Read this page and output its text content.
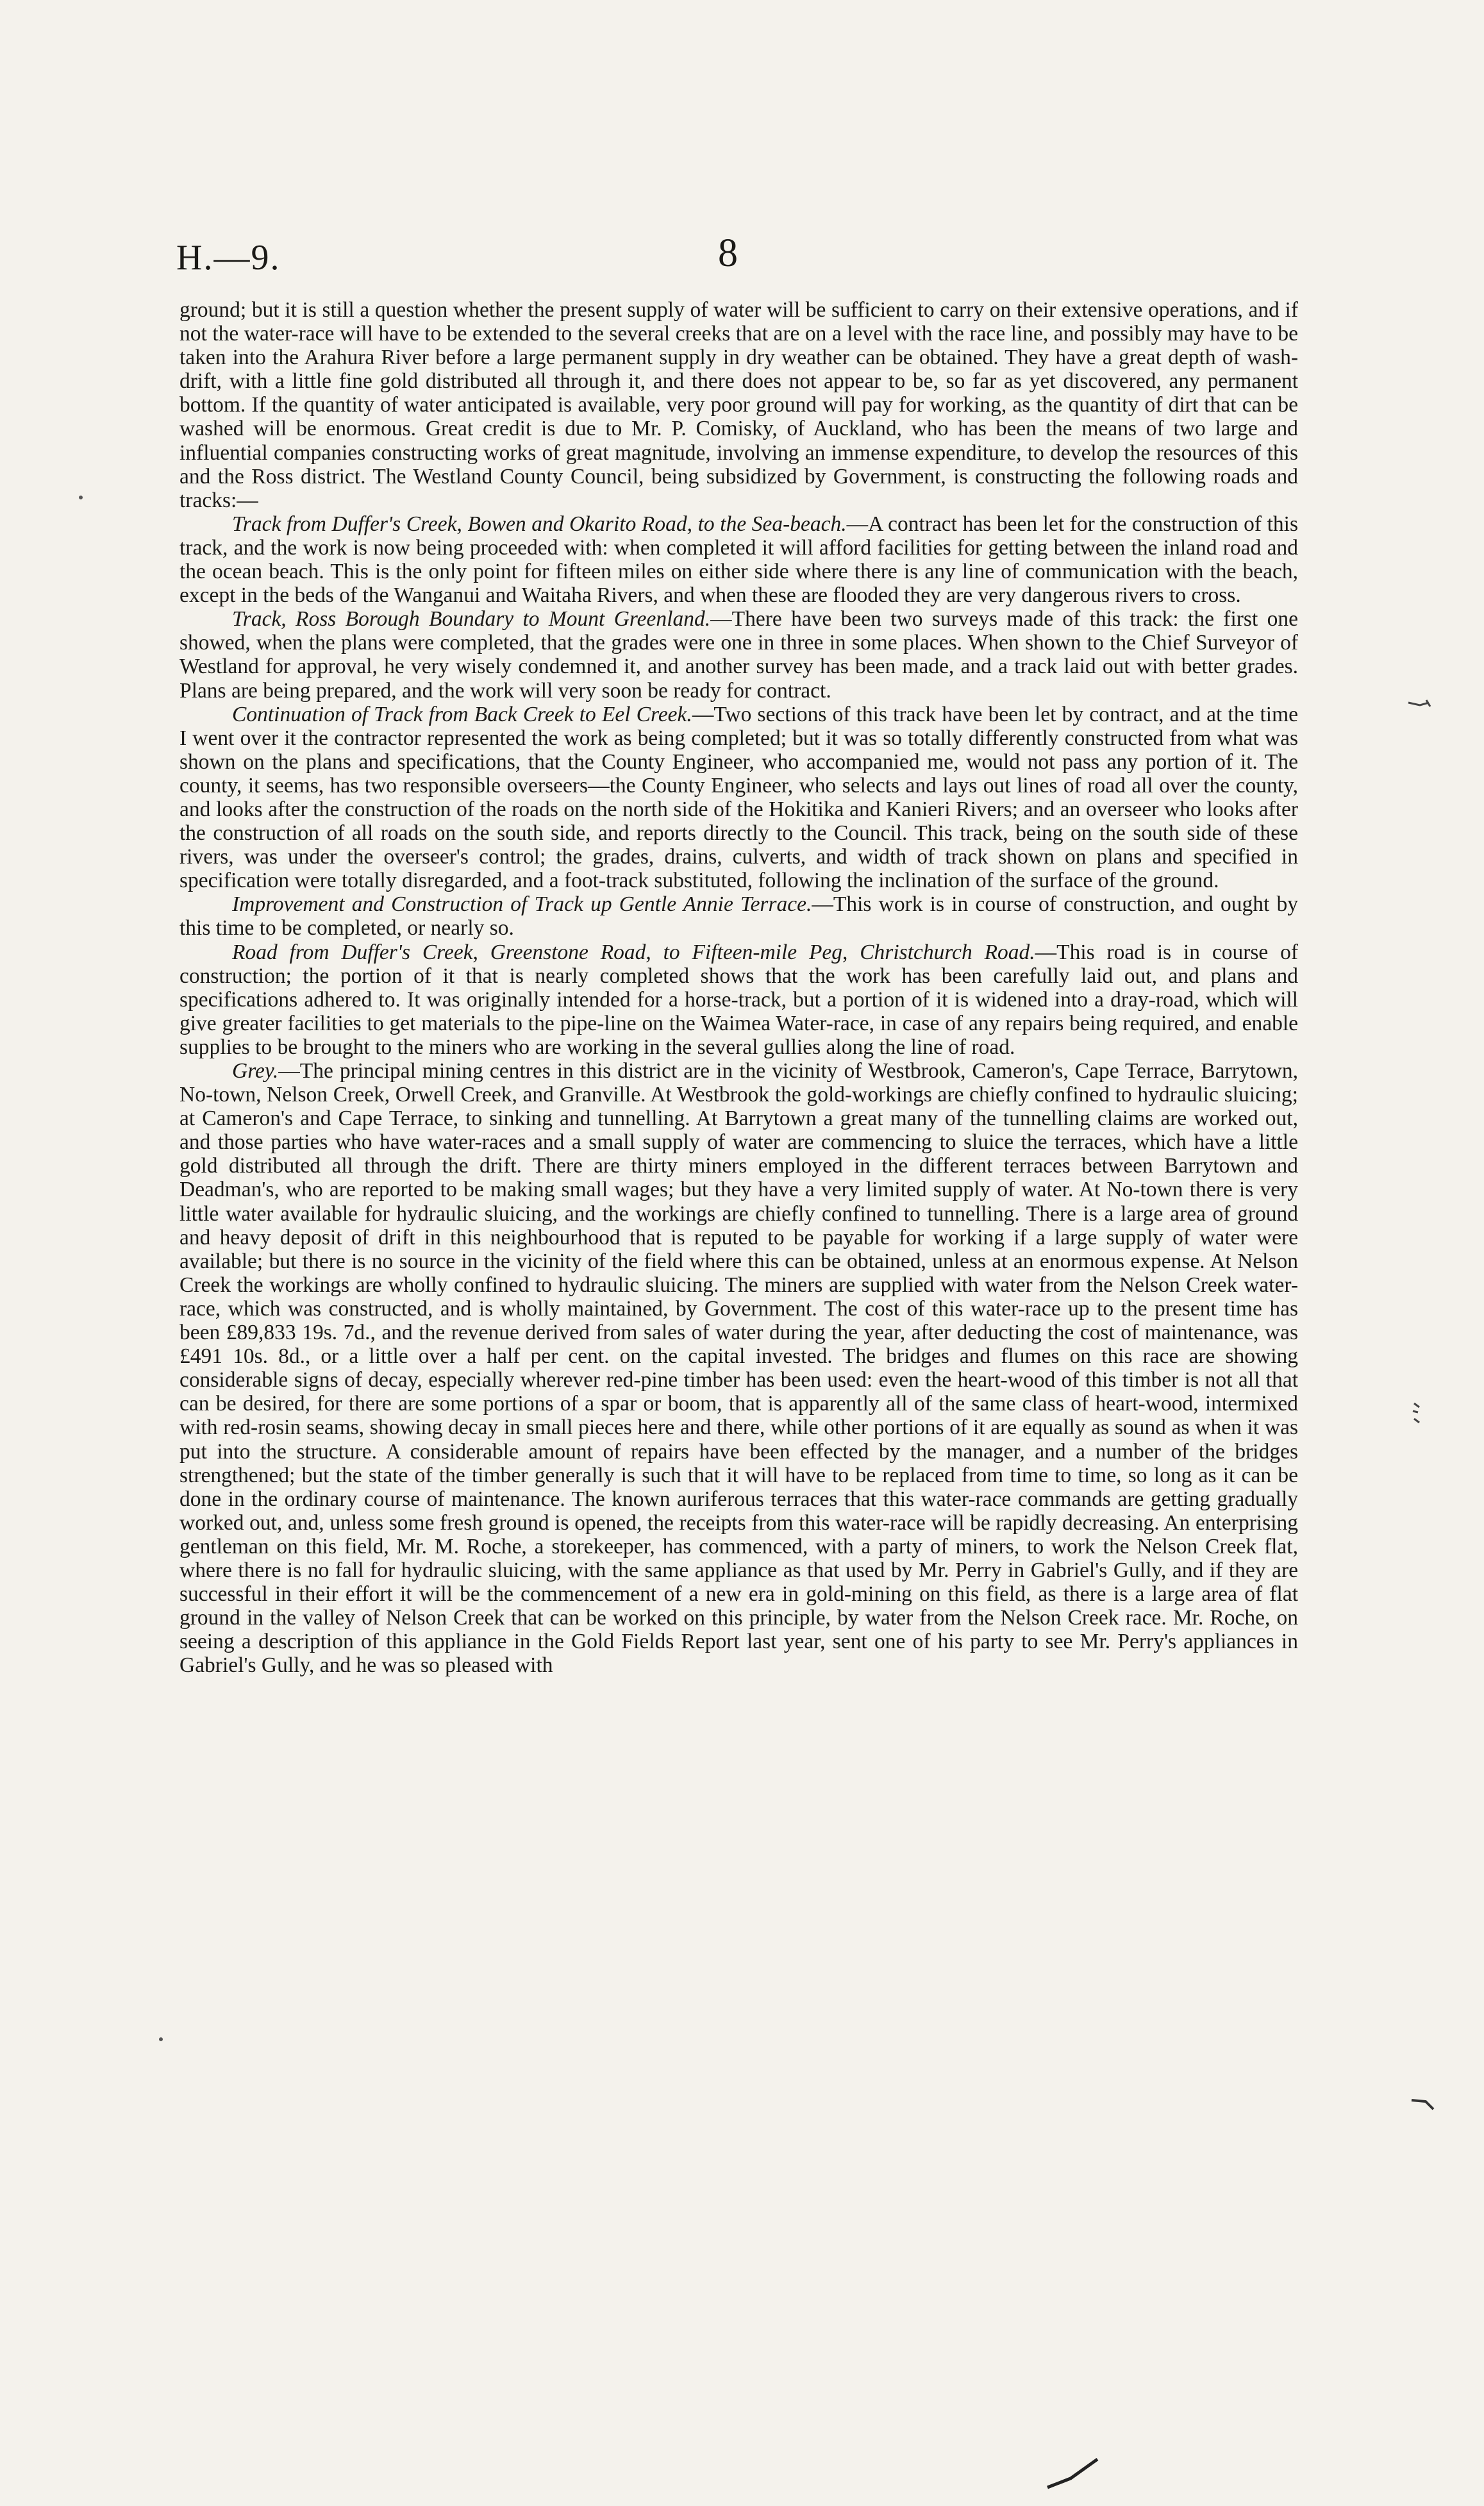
H.—9.	8

ground; but it is still a question whether the present supply of water will be sufficient to carry on their extensive operations, and if not the water-race will have to be extended to the several creeks that are on a level with the race line, and possibly may have to be taken into the Arahura River before a large permanent supply in dry weather can be obtained. They have a great depth of wash-drift, with a little fine gold distributed all through it, and there does not appear to be, so far as yet discovered, any permanent bottom. If the quantity of water anticipated is available, very poor ground will pay for working, as the quantity of dirt that can be washed will be enormous. Great credit is due to Mr. P. Comisky, of Auckland, who has been the means of two large and influential companies constructing works of great magnitude, involving an immense expenditure, to develop the resources of this and the Ross district. The Westland County Council, being subsidized by Government, is constructing the following roads and tracks:—

Track from Duffer's Creek, Bowen and Okarito Road, to the Sea-beach.—A contract has been let for the construction of this track, and the work is now being proceeded with: when completed it will afford facilities for getting between the inland road and the ocean beach. This is the only point for fifteen miles on either side where there is any line of communication with the beach, except in the beds of the Wanganui and Waitaha Rivers, and when these are flooded they are very dangerous rivers to cross.

Track, Ross Borough Boundary to Mount Greenland.—There have been two surveys made of this track: the first one showed, when the plans were completed, that the grades were one in three in some places. When shown to the Chief Surveyor of Westland for approval, he very wisely condemned it, and another survey has been made, and a track laid out with better grades. Plans are being prepared, and the work will very soon be ready for contract.

Continuation of Track from Back Creek to Eel Creek.—Two sections of this track have been let by contract, and at the time I went over it the contractor represented the work as being completed; but it was so totally differently constructed from what was shown on the plans and specifications, that the County Engineer, who accompanied me, would not pass any portion of it. The county, it seems, has two responsible overseers—the County Engineer, who selects and lays out lines of road all over the county, and looks after the construction of the roads on the north side of the Hokitika and Kanieri Rivers; and an overseer who looks after the construction of all roads on the south side, and reports directly to the Council. This track, being on the south side of these rivers, was under the overseer's control; the grades, drains, culverts, and width of track shown on plans and specified in specification were totally disregarded, and a foot-track substituted, following the inclination of the surface of the ground.

Improvement and Construction of Track up Gentle Annie Terrace.—This work is in course of construction, and ought by this time to be completed, or nearly so.

Road from Duffer's Creek, Greenstone Road, to Fifteen-mile Peg, Christchurch Road.—This road is in course of construction; the portion of it that is nearly completed shows that the work has been carefully laid out, and plans and specifications adhered to. It was originally intended for a horse-track, but a portion of it is widened into a dray-road, which will give greater facilities to get materials to the pipe-line on the Waimea Water-race, in case of any repairs being required, and enable supplies to be brought to the miners who are working in the several gullies along the line of road.

Grey.—The principal mining centres in this district are in the vicinity of Westbrook, Cameron's, Cape Terrace, Barrytown, No-town, Nelson Creek, Orwell Creek, and Granville. At Westbrook the gold-workings are chiefly confined to hydraulic sluicing; at Cameron's and Cape Terrace, to sinking and tunnelling. At Barrytown a great many of the tunnelling claims are worked out, and those parties who have water-races and a small supply of water are commencing to sluice the terraces, which have a little gold distributed all through the drift. There are thirty miners employed in the different terraces between Barrytown and Deadman's, who are reported to be making small wages; but they have a very limited supply of water. At No-town there is very little water available for hydraulic sluicing, and the workings are chiefly confined to tunnelling. There is a large area of ground and heavy deposit of drift in this neighbourhood that is reputed to be payable for working if a large supply of water were available; but there is no source in the vicinity of the field where this can be obtained, unless at an enormous expense. At Nelson Creek the workings are wholly confined to hydraulic sluicing. The miners are supplied with water from the Nelson Creek water-race, which was constructed, and is wholly maintained, by Government. The cost of this water-race up to the present time has been £89,833 19s. 7d., and the revenue derived from sales of water during the year, after deducting the cost of maintenance, was £491 10s. 8d., or a little over a half per cent. on the capital invested. The bridges and flumes on this race are showing considerable signs of decay, especially wherever red-pine timber has been used: even the heart-wood of this timber is not all that can be desired, for there are some portions of a spar or boom, that is apparently all of the same class of heart-wood, intermixed with red-rosin seams, showing decay in small pieces here and there, while other portions of it are equally as sound as when it was put into the structure. A considerable amount of repairs have been effected by the manager, and a number of the bridges strengthened; but the state of the timber generally is such that it will have to be replaced from time to time, so long as it can be done in the ordinary course of maintenance. The known auriferous terraces that this water-race commands are getting gradually worked out, and, unless some fresh ground is opened, the receipts from this water-race will be rapidly decreasing. An enterprising gentleman on this field, Mr. M. Roche, a storekeeper, has commenced, with a party of miners, to work the Nelson Creek flat, where there is no fall for hydraulic sluicing, with the same appliance as that used by Mr. Perry in Gabriel's Gully, and if they are successful in their effort it will be the commencement of a new era in gold-mining on this field, as there is a large area of flat ground in the valley of Nelson Creek that can be worked on this principle, by water from the Nelson Creek race. Mr. Roche, on seeing a description of this appliance in the Gold Fields Report last year, sent one of his party to see Mr. Perry's appliances in Gabriel's Gully, and he was so pleased with
